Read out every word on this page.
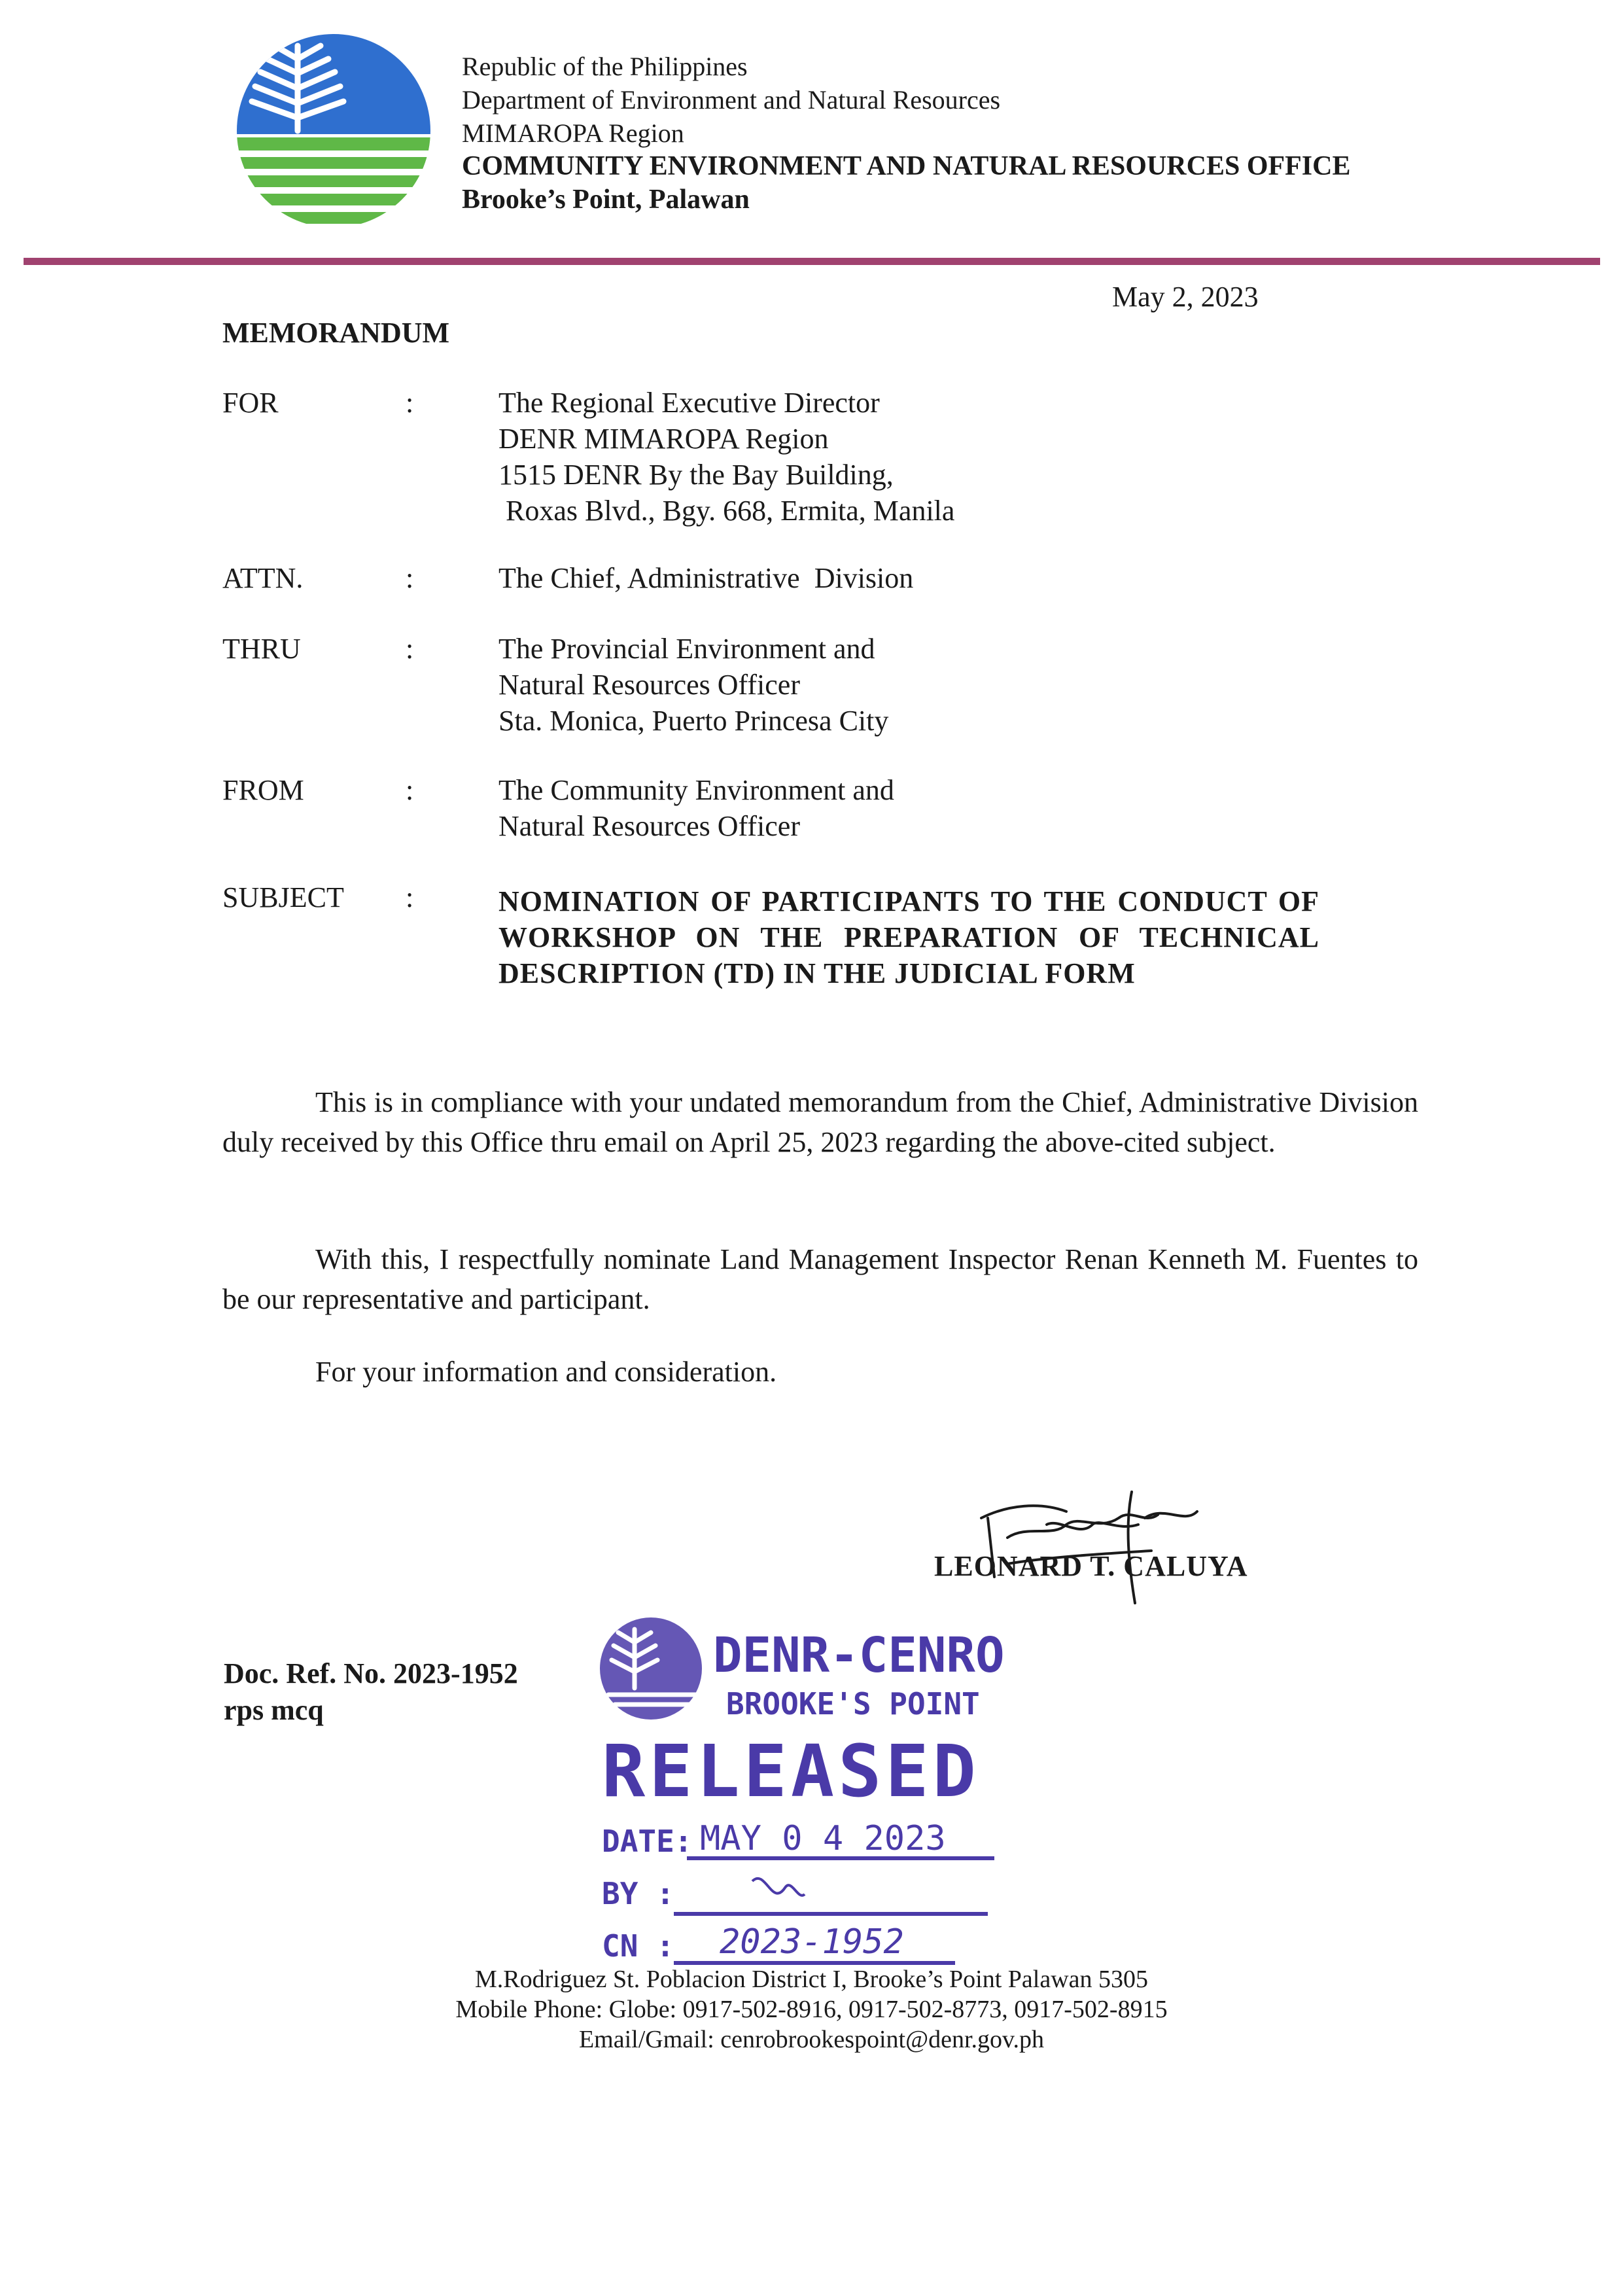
Republic of the Philippines
Department of Environment and Natural Resources
MIMAROPA Region
COMMUNITY ENVIRONMENT AND NATURAL RESOURCES OFFICE
Brooke’s Point, Palawan
May 2, 2023
MEMORANDUM
FOR	:	The Regional Executive Director
DENR MIMAROPA Region
1515 DENR By the Bay Building,
Roxas Blvd., Bgy. 668, Ermita, Manila
ATTN.	:	The Chief, Administrative  Division
THRU	:	The Provincial Environment and
Natural Resources Officer
Sta. Monica, Puerto Princesa City
FROM	:	The Community Environment and
Natural Resources Officer
SUBJECT :	NOMINATION OF PARTICIPANTS TO THE CONDUCT OF WORKSHOP ON THE PREPARATION OF TECHNICAL DESCRIPTION (TD) IN THE JUDICIAL FORM

This is in compliance with your undated memorandum from the Chief, Administrative Division duly received by this Office thru email on April 25, 2023 regarding the above-cited subject.

With this, I respectfully nominate Land Management Inspector Renan Kenneth M. Fuentes to be our representative and participant.

For your information and consideration.

LEONARD T. CALUYA
Doc. Ref. No. 2023-1952
rps mcq
DENR-CENRO
BROOKE'S POINT
RELEASED
DATE: MAY 0 4 2023
BY :
CN : 2023-1952
M.Rodriguez St. Poblacion District I, Brooke’s Point Palawan 5305
Mobile Phone: Globe: 0917-502-8916, 0917-502-8773, 0917-502-8915
Email/Gmail: cenrobrookespoint@denr.gov.ph
